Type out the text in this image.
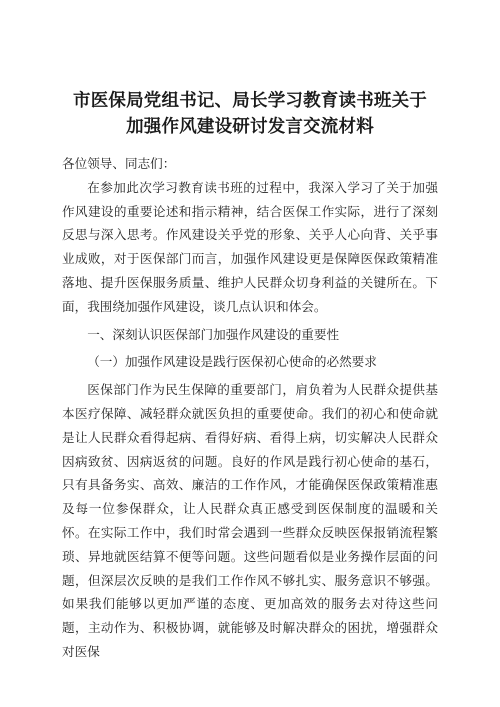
市医保局党组书记、局长学习教育读书班关于
加强作风建设研讨发言交流材料

各位领导、同志们：

在参加此次学习教育读书班的过程中，我深入学习了关于加强作风建设的重要论述和指示精神，结合医保工作实际，进行了深刻反思与深入思考。作风建设关乎党的形象、关乎人心向背、关乎事业成败，对于医保部门而言，加强作风建设更是保障医保政策精准落地、提升医保服务质量、维护人民群众切身利益的关键所在。下面，我围绕加强作风建设，谈几点认识和体会。

一、深刻认识医保部门加强作风建设的重要性

（一）加强作风建设是践行医保初心使命的必然要求

医保部门作为民生保障的重要部门，肩负着为人民群众提供基本医疗保障、减轻群众就医负担的重要使命。我们的初心和使命就是让人民群众看得起病、看得好病、看得上病，切实解决人民群众因病致贫、因病返贫的问题。良好的作风是践行初心使命的基石，只有具备务实、高效、廉洁的工作作风，才能确保医保政策精准惠及每一位参保群众，让人民群众真正感受到医保制度的温暖和关怀。在实际工作中，我们时常会遇到一些群众反映医保报销流程繁琐、异地就医结算不便等问题。这些问题看似是业务操作层面的问题，但深层次反映的是我们工作作风不够扎实、服务意识不够强。如果我们能够以更加严谨的态度、更加高效的服务去对待这些问题，主动作为、积极协调，就能够及时解决群众的困扰，增强群众对医保
